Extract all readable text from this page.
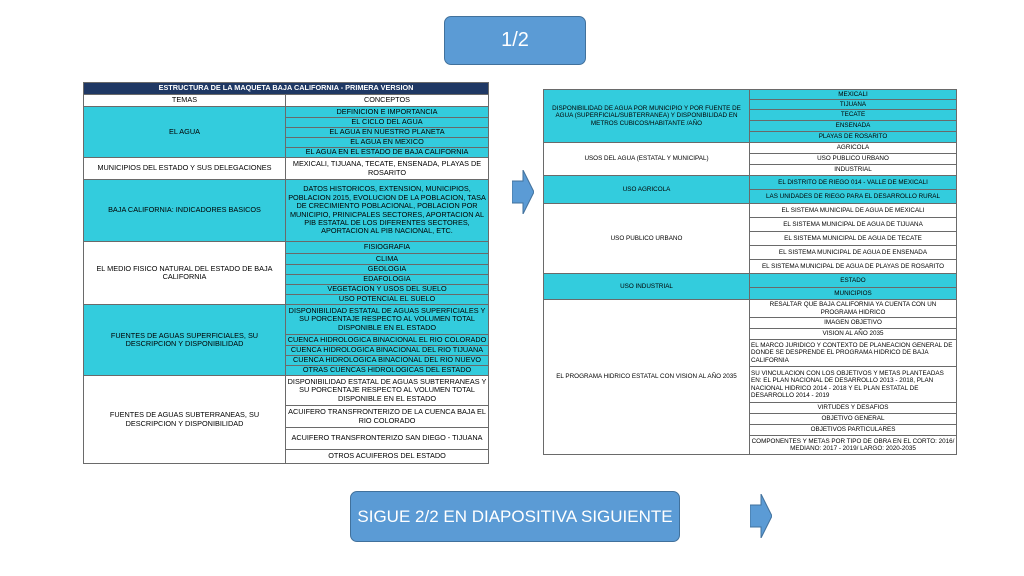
1/2
ESTRUCTURA DE LA MAQUETA BAJA CALIFORNIA - PRIMERA VERSION	
TEMAS	CONCEPTOS
EL AGUA	DEFINICION E IMPORTANCIA
	EL CICLO DEL AGUA
	EL AGUA EN NUESTRO PLANETA
	EL AGUA EN MEXICO
	EL AGUA EN EL ESTADO DE BAJA CALIFORNIA
MUNICIPIOS DEL ESTADO Y SUS DELEGACIONES	MEXICALI, TIJUANA, TECATE, ENSENADA, PLAYAS DE ROSARITO
BAJA CALIFORNIA: INDICADORES BASICOS	DATOS HISTORICOS, EXTENSION, MUNICIPIOS, POBLACION 2015, EVOLUCION DE LA POBLACION, TASA DE CRECIMIENTO POBLACIONAL, POBLACION POR MUNICIPIO, PRINICPALES SECTORES, APORTACION AL PIB ESTATAL DE LOS DIFERENTES SECTORES, APORTACION AL PIB NACIONAL, ETC.
EL MEDIO FISICO NATURAL DEL ESTADO DE BAJA CALIFORNIA	FISIOGRAFIA
	CLIMA
	GEOLOGIA
	EDAFOLOGIA
	VEGETACION Y USOS DEL SUELO
	USO POTENCIAL EL SUELO
FUENTES DE AGUAS SUPERFICIALES, SU DESCRIPCION Y DISPONIBILIDAD	DISPONIBILIDAD ESTATAL DE AGUAS SUPERFICIALES Y SU PORCENTAJE RESPECTO AL VOLUMEN TOTAL DISPONIBLE EN EL ESTADO
	CUENCA HIDROLOGICA BINACIONAL EL RIO COLORADO
	CUENCA HIDROLOGICA BINACIONAL DEL RIO TIJUANA
	CUENCA HIDROLOGICA BINACIONAL DEL RIO NUEVO
	OTRAS CUENCAS HIDROLOGICAS DEL ESTADO
FUENTES DE AGUAS SUBTERRANEAS, SU DESCRIPCION Y DISPONIBILIDAD	DISPONIBILIDAD ESTATAL DE AGUAS SUBTERRANEAS Y SU PORCENTAJE RESPECTO AL VOLUMEN TOTAL DISPONIBLE EN EL ESTADO
	ACUIFERO TRANSFRONTERIZO DE LA CUENCA BAJA EL RIO COLORADO
	ACUIFERO TRANSFRONTERIZO SAN DIEGO - TIJUANA
	OTROS ACUIFEROS DEL ESTADO
DISPONIBILIDAD DE AGUA POR MUNICIPIO Y POR FUENTE DE AGUA (SUPERFICIAL/SUBTERRANEA) Y DISPONIBILIDAD EN METROS CUBICOS/HABITANTE /AÑO	MEXICALI
	TIJUANA
	TECATE
	ENSENADA
	PLAYAS DE ROSARITO
USOS DEL AGUA (ESTATAL Y MUNICIPAL)	AGRICOLA
	USO PUBLICO URBANO
	INDUSTRIAL
USO AGRICOLA	EL DISTRITO DE RIEGO 014 - VALLE DE MEXICALI
	LAS UNIDADES DE RIEGO PARA EL DESARROLLO RURAL
USO PUBLICO URBANO	EL SISTEMA MUNICIPAL DE AGUA DE MEXICALI
	EL SISTEMA MUNICIPAL DE AGUA DE TIJUANA
	EL SISTEMA MUNICIPAL DE AGUA DE TECATE
	EL SISTEMA MUNICIPAL DE AGUA DE ENSENADA
	EL SISTEMA MUNICIPAL DE AGUA DE PLAYAS DE ROSARITO
USO INDUSTRIAL	ESTADO
	MUNICIPIOS
EL PROGRAMA HIDRICO ESTATAL CON VISION AL AÑO 2035	RESALTAR QUE BAJA CALIFORNIA YA CUENTA CON UN PROGRAMA HIDRICO
	IMAGEN OBJETIVO
	VISION AL AÑO 2035
	EL MARCO JURIDICO Y CONTEXTO DE PLANEACION GENERAL DE DONDE SE DESPRENDE EL PROGRAMA HIDRICO DE BAJA CALIFORNIA
	SU VINCULACION CON LOS OBJETIVOS Y METAS PLANTEADAS EN: EL PLAN NACIONAL DE DESARROLLO 2013 - 2018, PLAN NACIONAL HIDRICO 2014 - 2018 Y EL PLAN ESTATAL DE DESARROLLO 2014 - 2019
	VIRTUDES Y DESAFIOS
	OBJETIVO GENERAL
	OBJETIVOS PARTICULARES
	COMPONENTES Y METAS POR TIPO DE OBRA EN EL CORTO: 2016/ MEDIANO: 2017 - 2019/ LARGO: 2020-2035
SIGUE 2/2 EN DIAPOSITIVA SIGUIENTE
